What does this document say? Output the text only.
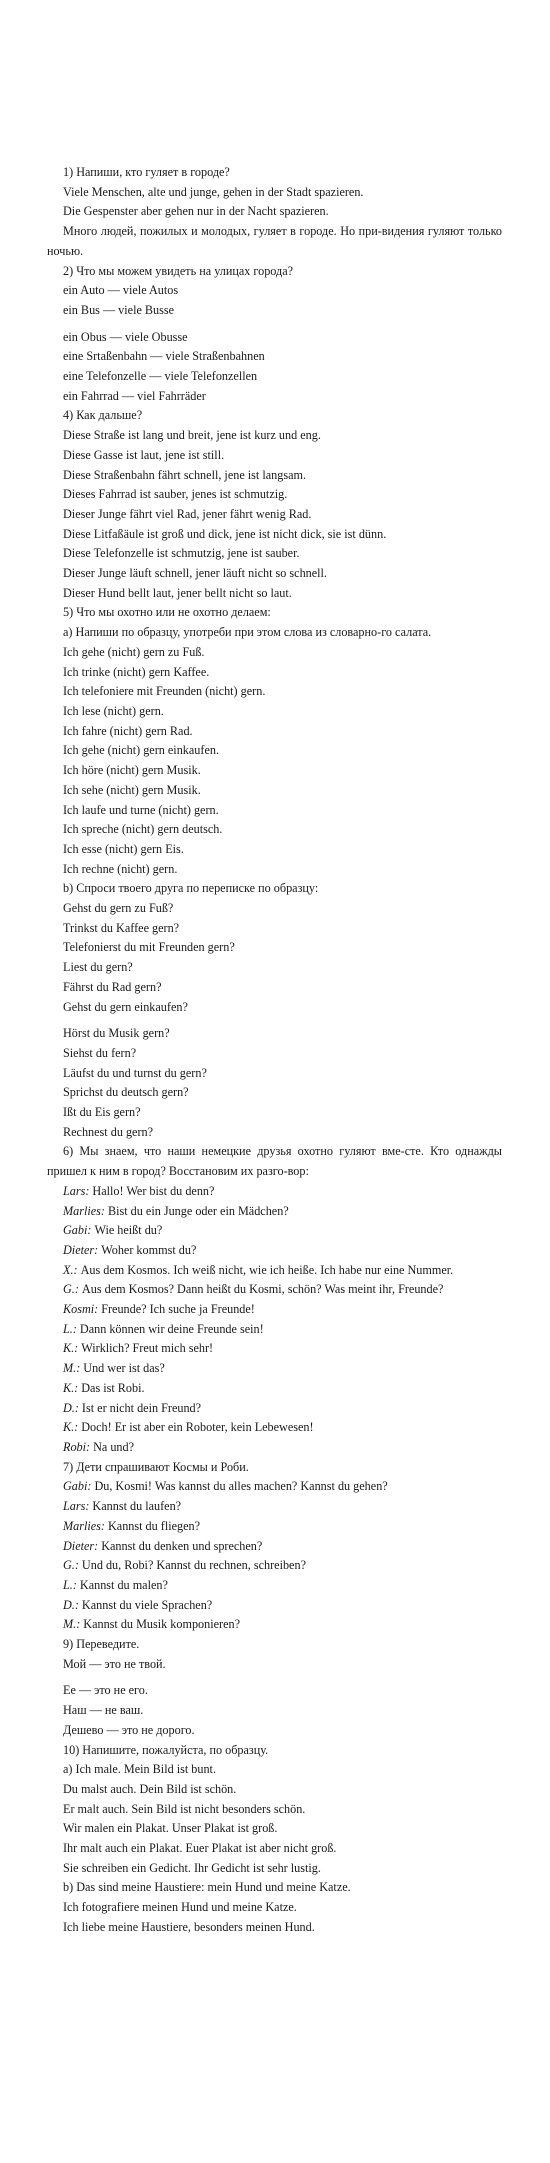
1) Напиши, кто гуляет в городе?
Viele Menschen, alte und junge, gehen in der Stadt spazieren.
Die Gespenster aber gehen nur in der Nacht spazieren.
Много людей, пожилых и молодых, гуляет в городе. Но при-видения гуляют только ночью.
2) Что мы можем увидеть на улицах города?
ein Auto — viele Autos
ein Bus — viele Busse
ein Obus — viele Obusse
eine Srtaßenbahn — viele Straßenbahnen
eine Telefonzelle — viele Telefonzellen
ein Fahrrad — viel Fahrräder
4) Как дальше?
Diese Straße ist lang und breit, jene ist kurz und eng.
Diese Gasse ist laut, jene ist still.
Diese Straßenbahn fährt schnell, jene ist langsam.
Dieses Fahrrad ist sauber, jenes ist schmutzig.
Dieser Junge fährt viel Rad, jener fährt wenig Rad.
Diese Litfaßäule ist groß und dick, jene ist nicht dick, sie ist dünn.
Diese Telefonzelle ist schmutzig, jene ist sauber.
Dieser Junge läuft schnell, jener läuft nicht so schnell.
Dieser Hund bellt laut, jener bellt nicht so laut.
5) Что мы охотно или не охотно делаем:
а) Напиши по образцу, употреби при этом слова из словарно-го салата.
Ich gehe (nicht) gern zu Fuß.
Ich trinke (nicht) gern Kaffee.
Ich telefoniere mit Freunden (nicht) gern.
Ich lese (nicht) gern.
Ich fahre (nicht) gern Rad.
Ich gehe (nicht) gern einkaufen.
Ich höre (nicht) gern Musik.
Ich sehe (nicht) gern Musik.
Ich laufe und turne (nicht) gern.
Ich spreche (nicht) gern deutsch.
Ich esse (nicht) gern Eis.
Ich rechne (nicht) gern.
b) Спроси твоего друга по переписке по образцу:
Gehst du gern zu Fuß?
Trinkst du Kaffee gern?
Telefonierst du mit Freunden gern?
Liest du gern?
Fährst du Rad gern?
Gehst du gern einkaufen?
Hörst du Musik gern?
Siehst du fern?
Läufst du und turnst du gern?
Sprichst du deutsch gern?
Ißt du Eis gern?
Rechnest du gern?
6) Мы знаем, что наши немецкие друзья охотно гуляют вме-сте. Кто однажды пришел к ним в город? Восстановим их разго-вор:
Lars: Hallo! Wer bist du denn?
Marlies: Bist du ein Junge oder ein Mädchen?
Gabi: Wie heißt du?
Dieter: Woher kommst du?
X.: Aus dem Kosmos. Ich weiß nicht, wie ich heiße. Ich habe nur eine Nummer.
G.: Aus dem Kosmos? Dann heißt du Kosmi, schön? Was meint ihr, Freunde?
Kosmi: Freunde? Ich suche ja Freunde!
L.: Dann können wir deine Freunde sein!
K.: Wirklich? Freut mich sehr!
M.: Und wer ist das?
K.: Das ist Robi.
D.: Ist er nicht dein Freund?
K.: Doch! Er ist aber ein Roboter, kein Lebewesen!
Robi: Na und?
7) Дети спрашивают Космы и Роби.
Gabi: Du, Kosmi! Was kannst du alles machen? Kannst du gehen?
Lars: Kannst du laufen?
Marlies: Kannst du fliegen?
Dieter: Kannst du denken und sprechen?
G.: Und du, Robi? Kannst du rechnen, schreiben?
L.: Kannst du malen?
D.: Kannst du viele Sprachen?
M.: Kannst du Musik komponieren?
9) Переведите.
Мой — это не твой.
Ее — это не его.
Наш — не ваш.
Дешево — это не дорого.
10) Напишите, пожалуйста, по образцу.
a) Ich male. Mein Bild ist bunt.
Du malst auch. Dein Bild ist schön.
Er malt auch. Sein Bild ist nicht besonders schön.
Wir malen ein Plakat. Unser Plakat ist groß.
Ihr malt auch ein Plakat. Euer Plakat ist aber nicht groß.
Sie schreiben ein Gedicht. Ihr Gedicht ist sehr lustig.
b) Das sind meine Haustiere: mein Hund und meine Katze.
Ich fotografiere meinen Hund und meine Katze.
Ich liebe meine Haustiere, besonders meinen Hund.
